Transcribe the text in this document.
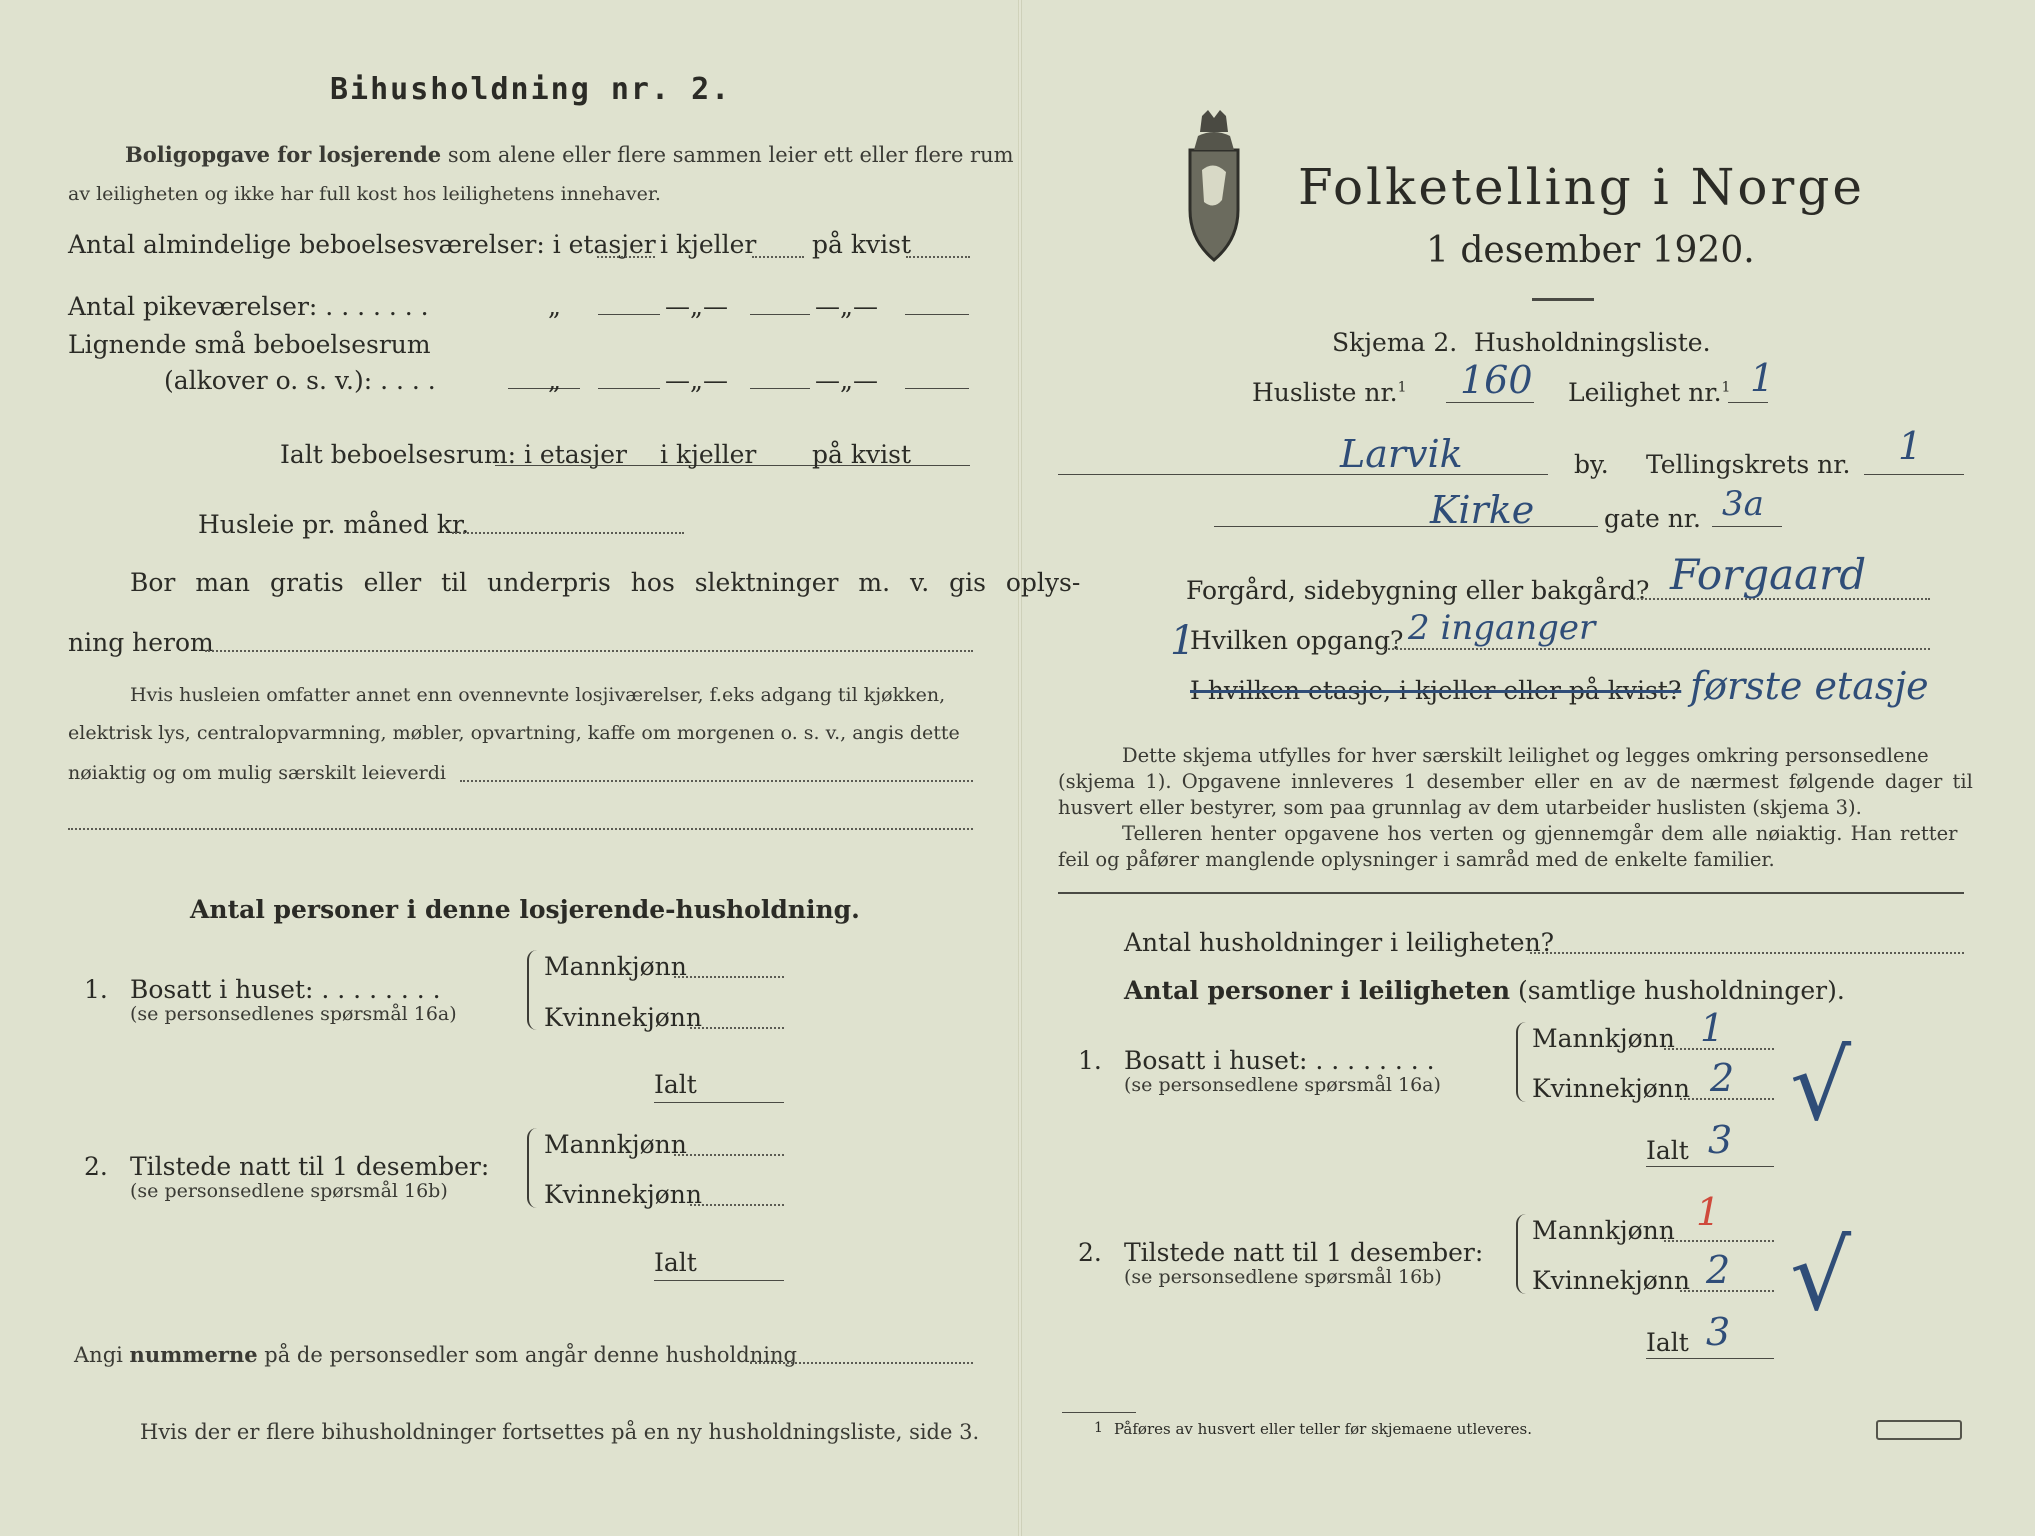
Bihusholdning nr. 2.
Boligopgave for losjerende som alene eller flere sammen leier ett eller flere rum
av leiligheten og ikke har full kost hos leilighetens innehaver.
Antal almindelige beboelsesværelser: i etasjer i kjeller på kvist
Antal pikeværelser: . . . . . . .	„	—„—	—„—
Lignende små beboelsesrum
(alkover o. s. v.): . . . .	„	—„—	—„—
Ialt beboelsesrum: i etasjer i kjeller på kvist
Husleie pr. måned kr.
Bor man gratis eller til underpris hos slektninger m. v. gis oplys-
ning herom
Hvis husleien omfatter annet enn ovennevnte losjiværelser, f.eks adgang til kjøkken,
elektrisk lys, centralopvarmning, møbler, opvartning, kaffe om morgenen o. s. v., angis dette
nøiaktig og om mulig særskilt leieverdi
Antal personer i denne losjerende-husholdning.
1. Bosatt i huset: . . . . . . . .
(se personsedlenes spørsmål 16a)
Mannkjønn
Kvinnekjønn
Ialt
2. Tilstede natt til 1 desember:
(se personsedlene spørsmål 16b)
Mannkjønn
Kvinnekjønn
Ialt
Angi nummerne på de personsedler som angår denne husholdning
Hvis der er flere bihusholdninger fortsettes på en ny husholdningsliste, side 3.
Folketelling i Norge
1 desember 1920.
Skjema 2. Husholdningsliste.
Husliste nr.$^1$ 160 Leilighet nr.$^1$ 1
Larvik	by. Tellingskrets nr. 1
Kirke	gate nr. 3a
Forgård, sidebygning eller bakgård? Forgaard
1
Hvilken opgang? 2 inganger
I hvilken etasje, i kjeller eller på kvist? første etasje
Dette skjema utfylles for hver særskilt leilighet og legges omkring personsedlene
(skjema 1). Opgavene innleveres 1 desember eller en av de nærmest følgende dager til
husvert eller bestyrer, som paa grunnlag av dem utarbeider huslisten (skjema 3).
Telleren henter opgavene hos verten og gjennemgår dem alle nøiaktig. Han retter
feil og påfører manglende oplysninger i samråd med de enkelte familier.
Antal husholdninger i leiligheten?
Antal personer i leiligheten (samtlige husholdninger).
1. Bosatt i huset: . . . . . . . .
(se personsedlene spørsmål 16a)
Mannkjønn 1
Kvinnekjønn 2
Ialt 3 √
2. Tilstede natt til 1 desember:
(se personsedlene spørsmål 16b)
Mannkjønn 1
Kvinnekjønn 2
Ialt 3 √
1 Påføres av husvert eller teller før skjemaene utleveres.
